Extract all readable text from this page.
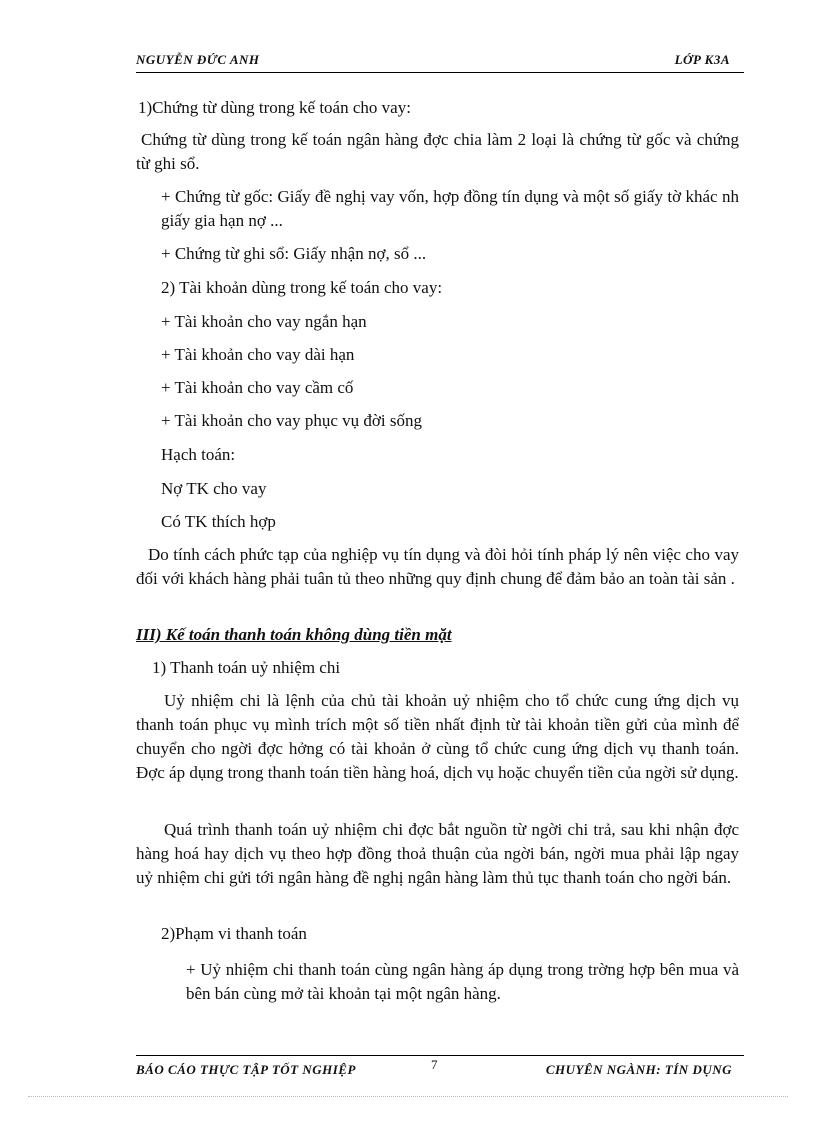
NGUYỄN ĐỨC ANH	LỚP K3A

1)Chứng từ dùng trong kế toán cho vay:

Chứng từ dùng trong kế toán ngân hàng đợc chia làm 2 loại là chứng từ gốc và chứng từ ghi sổ.

+ Chứng từ gốc: Giấy đề nghị vay vốn, hợp đồng tín dụng và một số giấy tờ khác nh giấy gia hạn nợ ...

+ Chứng từ ghi sổ: Giấy nhận nợ, sổ ...

2) Tài khoản dùng trong kế toán cho vay:

+ Tài khoản cho vay ngắn hạn

+ Tài khoản cho vay dài hạn

+ Tài khoản cho vay cầm cố

+ Tài khoản cho vay phục vụ đời sống

Hạch toán:

Nợ TK cho vay

Có TK thích hợp

Do tính cách phức tạp của nghiệp vụ tín dụng và đòi hỏi tính pháp lý nên việc cho vay đối với khách hàng phải tuân tủ theo những quy định chung để đảm bảo an toàn tài sản .

III) Kế toán thanh toán không dùng tiền mặt

1) Thanh toán uỷ nhiệm chi

Uỷ nhiệm chi là lệnh của chủ tài khoản uỷ nhiệm cho tổ chức cung ứng dịch vụ thanh toán phục vụ mình trích một số tiền nhất định từ tài khoản tiền gửi của mình để chuyển cho ngời đợc hởng có tài khoản ở cùng tổ chức cung ứng dịch vụ thanh toán. Đợc áp dụng trong thanh toán tiền hàng hoá, dịch vụ hoặc chuyển tiền của ngời sử dụng.

Quá trình thanh toán uỷ nhiệm chi đợc bắt nguồn từ ngời chi trả, sau khi nhận đợc hàng hoá hay dịch vụ theo hợp đồng thoả thuận của ngời bán, ngời mua phải lập ngay uỷ nhiệm chi gửi tới ngân hàng đề nghị ngân hàng làm thủ tục thanh toán cho ngời bán.

2)Phạm vi thanh toán

+ Uỷ nhiệm chi thanh toán cùng ngân hàng áp dụng trong trờng hợp bên mua và bên bán cùng mở tài khoản tại một ngân hàng.

BÁO CÁO THỰC TẬP TỐT NGHIỆP	7	CHUYÊN NGÀNH: TÍN DỤNG
